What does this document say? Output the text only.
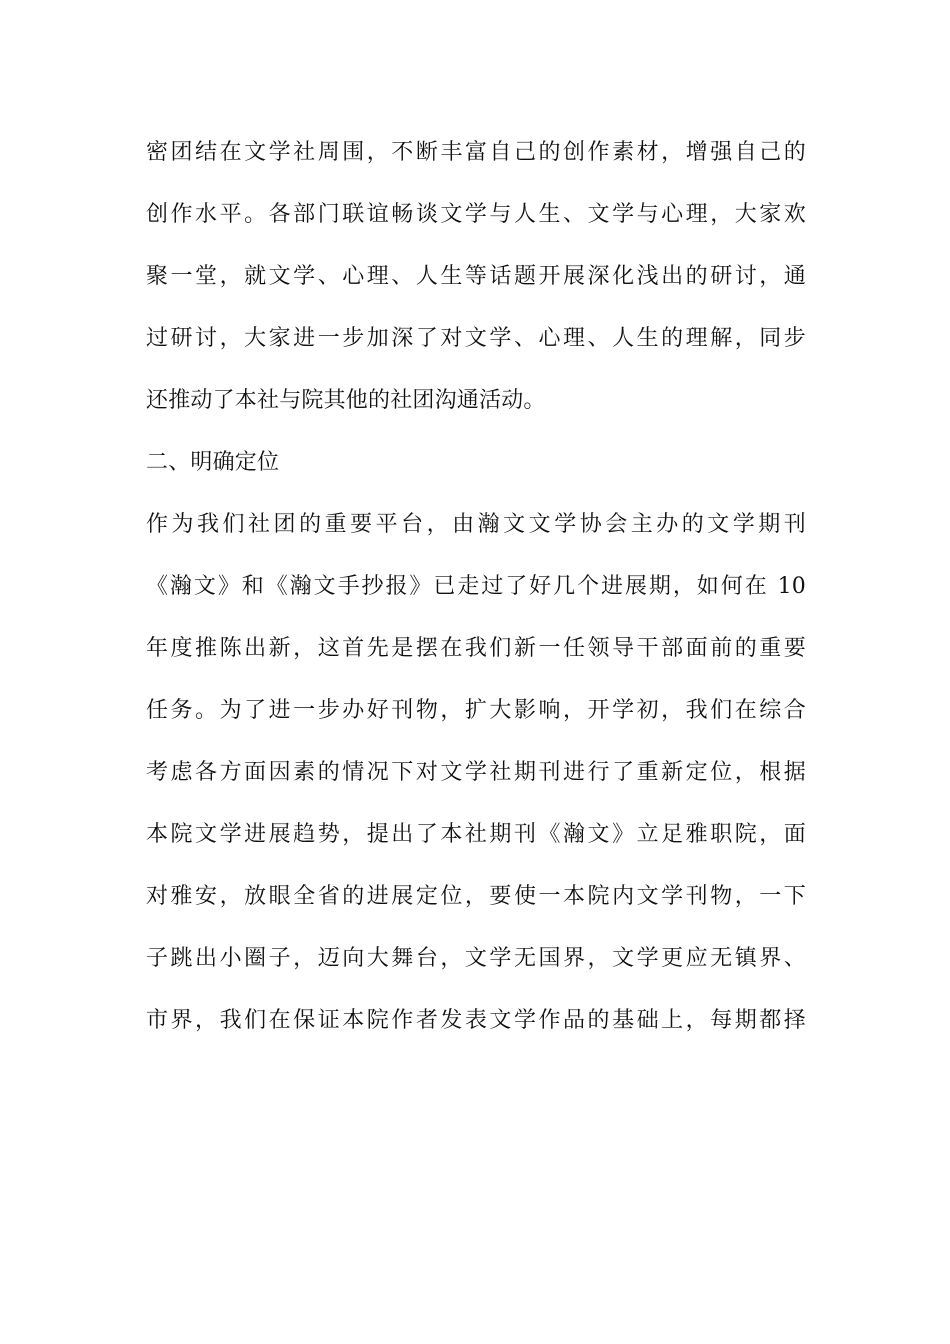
密团结在文学社周围，不断丰富自己的创作素材，增强自己的
创作水平。各部门联谊畅谈文学与人生、文学与心理，大家欢
聚一堂，就文学、心理、人生等话题开展深化浅出的研讨，通
过研讨，大家进一步加深了对文学、心理、人生的理解，同步
还推动了本社与院其他的社团沟通活动。
二、明确定位
作为我们社团的重要平台，由瀚文文学协会主办的文学期刊
《瀚文》和《瀚文手抄报》已走过了好几个进展期，如何在 10
年度推陈出新，这首先是摆在我们新一任领导干部面前的重要
任务。为了进一步办好刊物，扩大影响，开学初，我们在综合
考虑各方面因素的情况下对文学社期刊进行了重新定位，根据
本院文学进展趋势，提出了本社期刊《瀚文》立足雅职院，面
对雅安，放眼全省的进展定位，要使一本院内文学刊物，一下
子跳出小圈子，迈向大舞台，文学无国界，文学更应无镇界、
市界，我们在保证本院作者发表文学作品的基础上，每期都择
